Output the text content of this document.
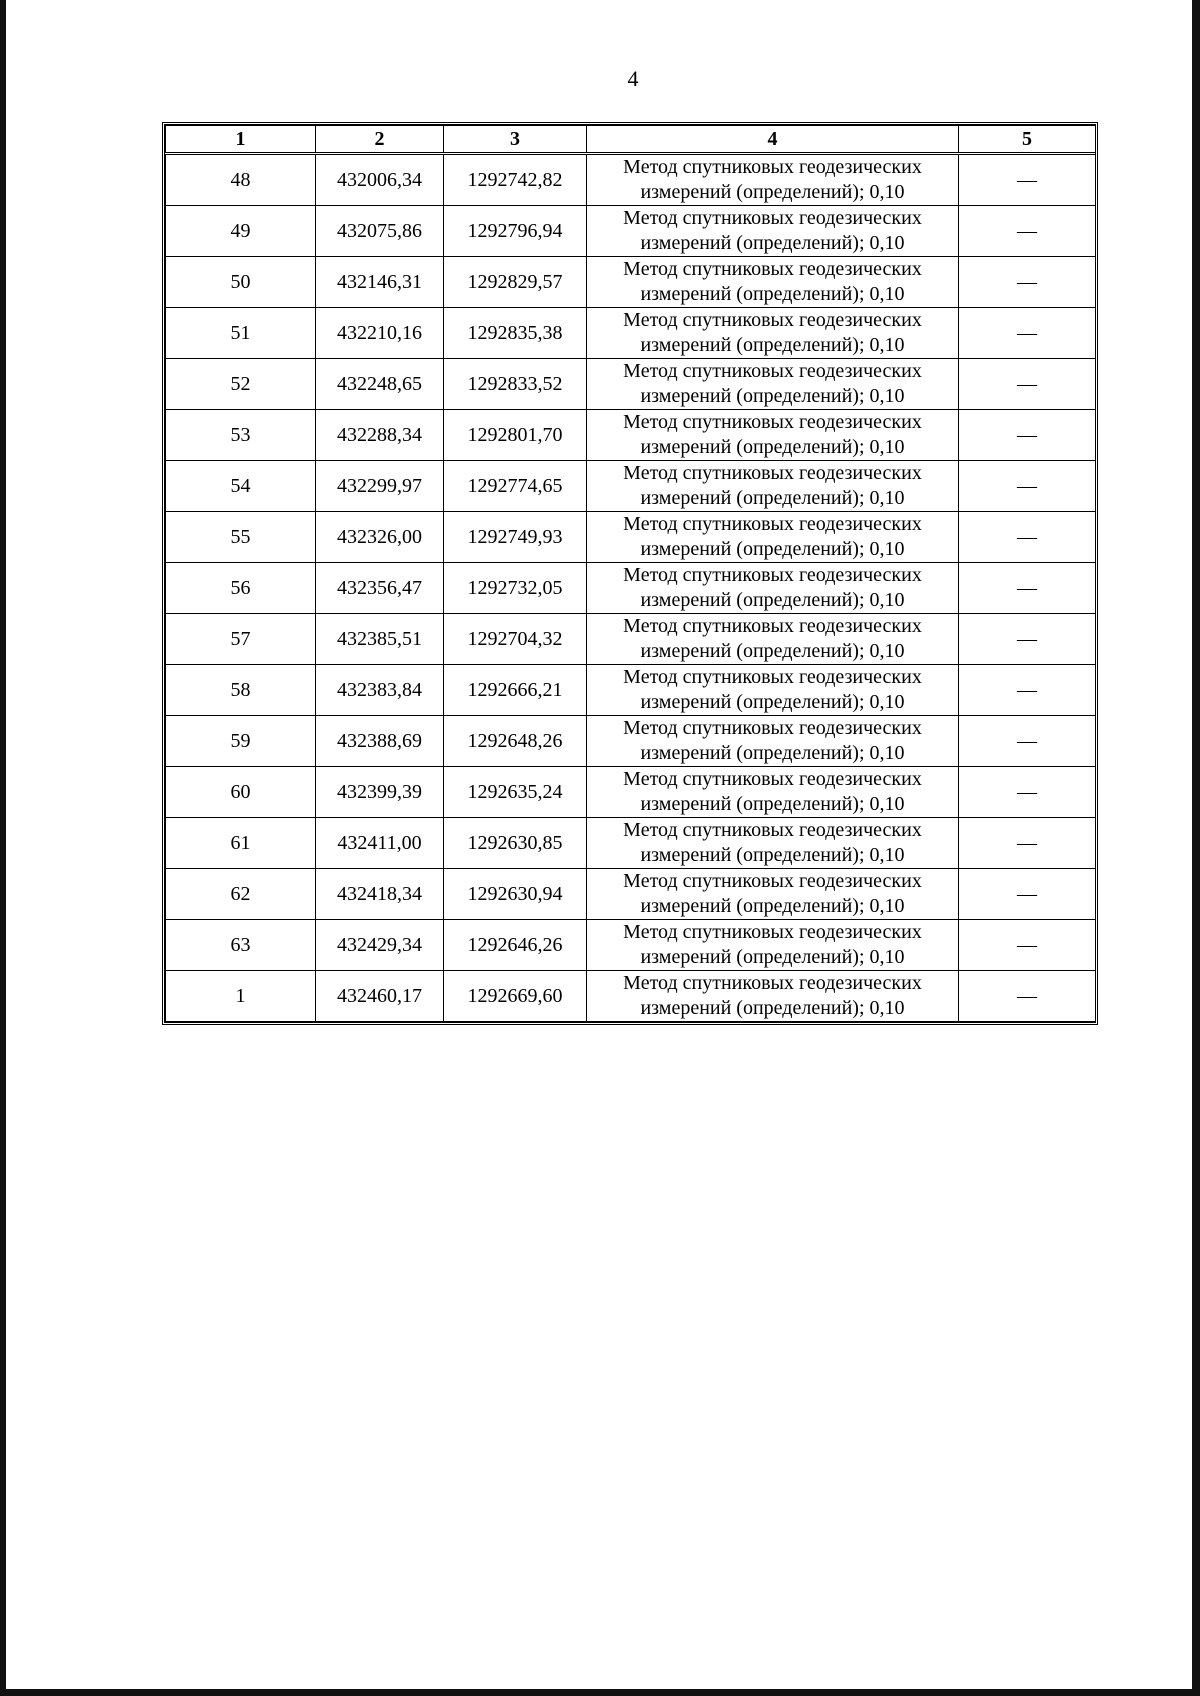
4
1	2	3	4	5
48	432006,34	1292742,82	Метод спутниковых геодезических измерений (определений); 0,10	—
49	432075,86	1292796,94	Метод спутниковых геодезических измерений (определений); 0,10	—
50	432146,31	1292829,57	Метод спутниковых геодезических измерений (определений); 0,10	—
51	432210,16	1292835,38	Метод спутниковых геодезических измерений (определений); 0,10	—
52	432248,65	1292833,52	Метод спутниковых геодезических измерений (определений); 0,10	—
53	432288,34	1292801,70	Метод спутниковых геодезических измерений (определений); 0,10	—
54	432299,97	1292774,65	Метод спутниковых геодезических измерений (определений); 0,10	—
55	432326,00	1292749,93	Метод спутниковых геодезических измерений (определений); 0,10	—
56	432356,47	1292732,05	Метод спутниковых геодезических измерений (определений); 0,10	—
57	432385,51	1292704,32	Метод спутниковых геодезических измерений (определений); 0,10	—
58	432383,84	1292666,21	Метод спутниковых геодезических измерений (определений); 0,10	—
59	432388,69	1292648,26	Метод спутниковых геодезических измерений (определений); 0,10	—
60	432399,39	1292635,24	Метод спутниковых геодезических измерений (определений); 0,10	—
61	432411,00	1292630,85	Метод спутниковых геодезических измерений (определений); 0,10	—
62	432418,34	1292630,94	Метод спутниковых геодезических измерений (определений); 0,10	—
63	432429,34	1292646,26	Метод спутниковых геодезических измерений (определений); 0,10	—
1	432460,17	1292669,60	Метод спутниковых геодезических измерений (определений); 0,10	—
